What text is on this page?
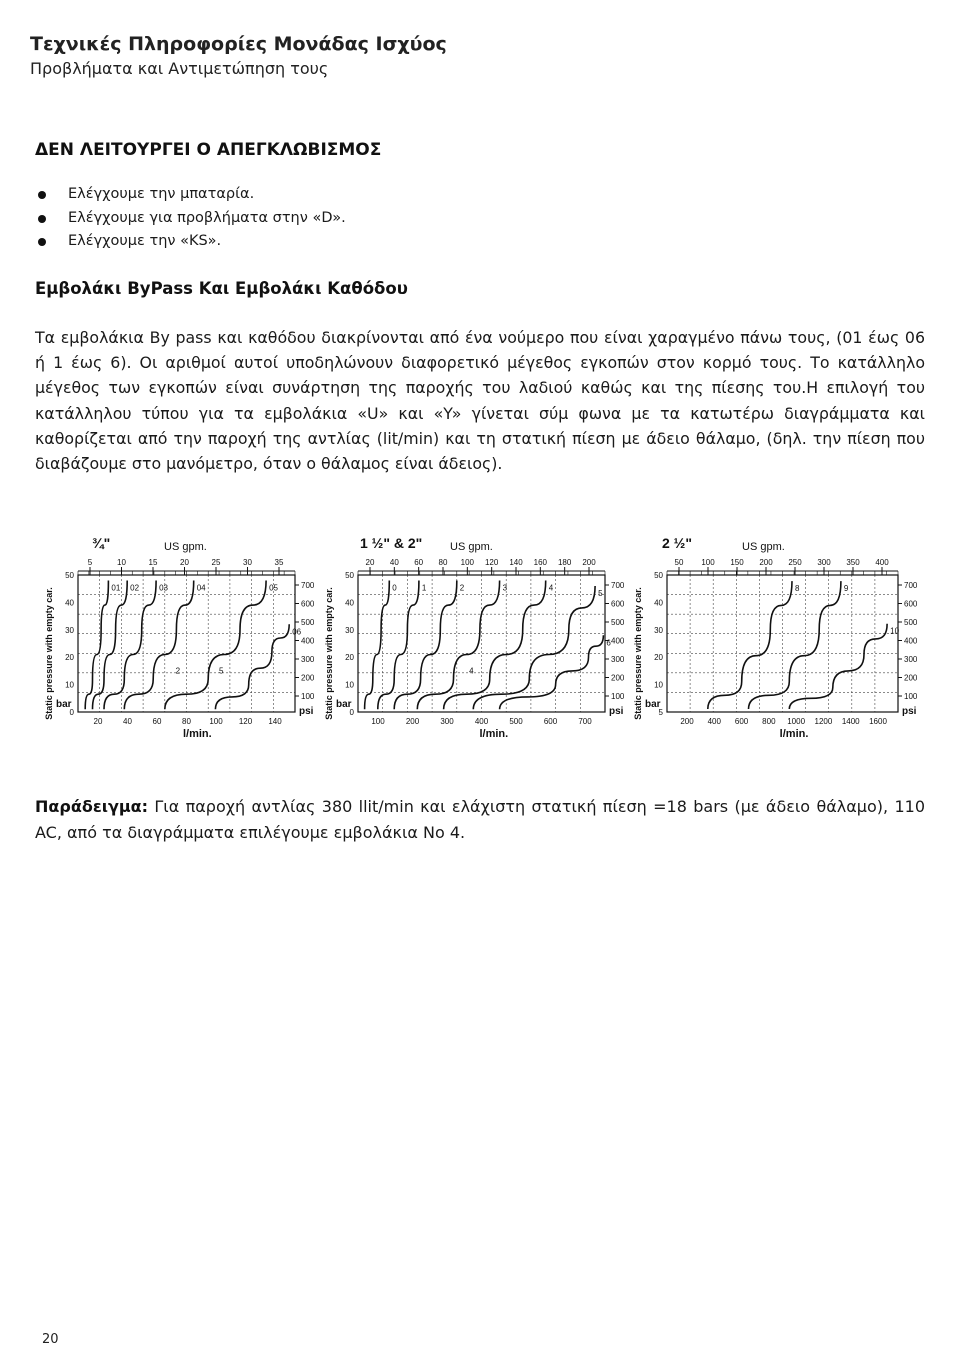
Τεχνικές Πληροφορίες Μονάδας Ισχύος

Προβλήματα και Αντιμετώπηση τους

ΔΕΝ ΛΕΙΤΟΥΡΓΕΙ Ο ΑΠΕΓΚΛΩΒΙΣΜΟΣ
Ελέγχουμε την μπαταρία.
Ελέγχουμε για προβλήματα στην «D».
Ελέγχουμε την «KS».
Εμβολάκι ByPass Και Εμβολάκι Καθόδου

Τα εμβολάκια By pass και καθόδου διακρίνονται από ένα νούμερο που είναι χαραγμένο πάνω τους, (01 έως 06 ή 1 έως 6). Οι αριθμοί αυτοί υποδηλώνουν διαφορετικό μέγεθος εγκοπών στον κορμό τους. Το κατάλληλο μέγεθος των εγκοπών είναι συνάρτηση της παροχής του λαδιού καθώς και της πίεσης του.Η επιλογή του κατάλληλου τύπου για τα εμβολάκια «U» και «Y» γίνεται σύμ φωνα με τα κατωτέρω διαγράμματα και καθορίζεται από την παροχή της αντλίας (lit/min) και τη στατική πίεση με άδειο θάλαμο, (δηλ. την πίεση που διαβάζουμε στο μανόμετρο, όταν ο θάλαμος είναι άδειος).

5	10	15	20	25	30	35
¾"	US gpm.
0
10
20
30
40
50
bar
100
200
300
400
500
600
700
psi
20	40	60	80 100 120 140
l/min.
Static pressure with empty car.	01 02	03	04	05
06
2	5
20 40 60 80 100 120 140 160 180 200
1 ½" & 2"	US gpm.
0
10
20
30
40
50
bar
100
200
300
400
500
600
700
psi
100	200	300	400	500	600	700
l/min.
Static pressure with empty car.	0	1	2	3	4
5
6
4
50 100 150 200 250 300 350 400
2 ½"	US gpm.
5
10
20
30
40
50
bar
100
200
300
400
500
600
700
psi
200 400 600 800 1000 1200 1400 1600
l/min.
Static pressure with empty car.	8	9
10

Παράδειγμα: Για παροχή αντλίας 380 llit/min και ελάχιστη στατική πίεση =18 bars (με άδειο θάλαμο), 110 AC, από τα διαγράμματα επιλέγουμε εμβολάκια Νο 4.

20
